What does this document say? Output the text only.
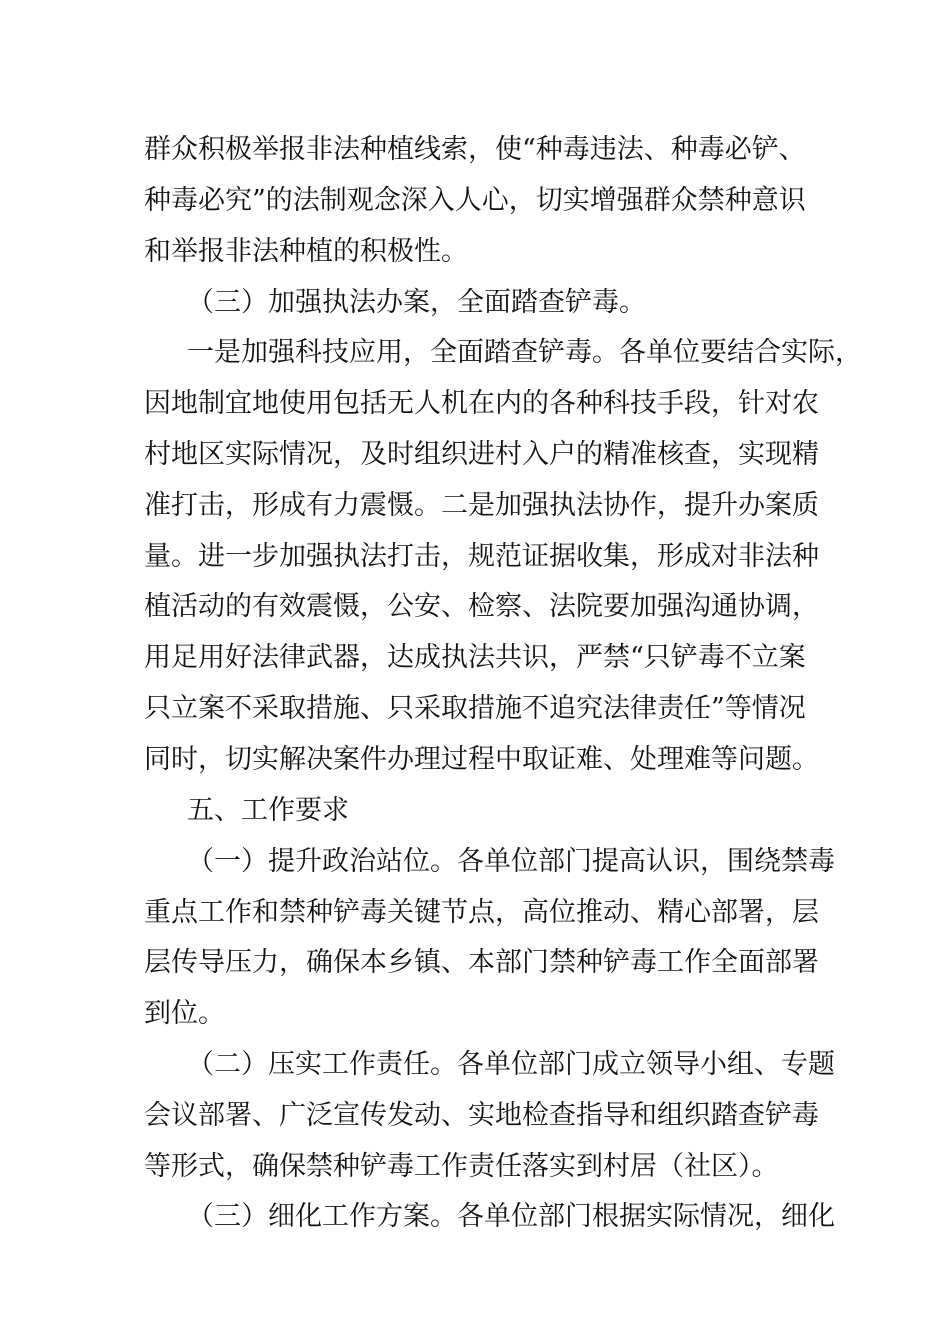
群众积极举报非法种植线索，使“种毒违法、种毒必铲、
种毒必究”的法制观念深入人心，切实增强群众禁种意识
和举报非法种植的积极性。
（三）加强执法办案，全面踏查铲毒。
一是加强科技应用，全面踏查铲毒。各单位要结合实际，
因地制宜地使用包括无人机在内的各种科技手段，针对农
村地区实际情况，及时组织进村入户的精准核查，实现精
准打击，形成有力震慑。二是加强执法协作，提升办案质
量。进一步加强执法打击，规范证据收集，形成对非法种
植活动的有效震慑，公安、检察、法院要加强沟通协调，
用足用好法律武器，达成执法共识，严禁“只铲毒不立案
只立案不采取措施、只采取措施不追究法律责任”等情况
同时，切实解决案件办理过程中取证难、处理难等问题。
五、工作要求
（一）提升政治站位。各单位部门提高认识，围绕禁毒
重点工作和禁种铲毒关键节点，高位推动、精心部署，层
层传导压力，确保本乡镇、本部门禁种铲毒工作全面部署
到位。
（二）压实工作责任。各单位部门成立领导小组、专题
会议部署、广泛宣传发动、实地检查指导和组织踏查铲毒
等形式，确保禁种铲毒工作责任落实到村居（社区）。
（三）细化工作方案。各单位部门根据实际情况，细化
